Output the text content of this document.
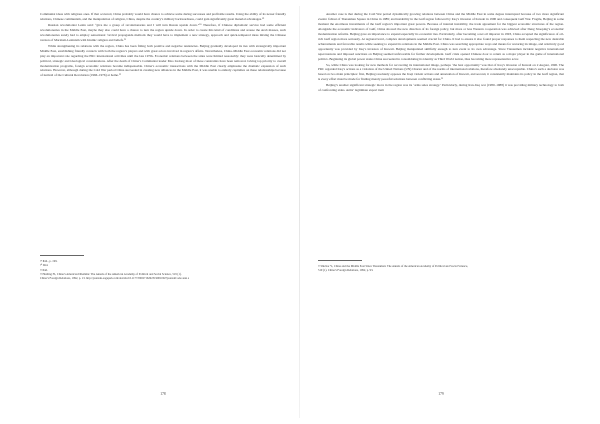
Communist ideas with religious ones. If that occurred, China probably would have chance to achieve some daring successes and profitable results. Using the ability of its newer friendly relations, Chinese communism, and the manipulation of religion, China, despite the country’s military backwardness, could gain significantly great material advantages.¹⁹

Russian revolutionist Lenin said: “give me a group of revolutionaries and I will turn Russia upside down.”²⁰ Therefore, if Chinese diplomatic service had some efficient revolutionaries in the Middle East, maybe they also could have a chance to turn the region upside down. In order to create this kind of conditions and arouse the Arab masses, such revolutionaries surely had to employ sensational ‘revival propaganda methods they would have to implement a new strategy, approach and quick-tempered ideas mixing the Chinese version of Marxism-Leninism with Islamic religion and beliefs.²¹

While strengthening its relations with the region, China has been fitting both positive and negative tendencies. Beijing gradually developed its ties with strategically important Middle East, establishing friendly contacts with both the region’s players and with great actors involved in region’s affairs. Nevertheless, China–Middle East economic relations did not play an important role regarding the PRC international activities until the late 1970s. Economic relations between the sides were limited reasonably: they were basically determined by political, strategic and ideological considerations. After the death of China’s Communist leader Mao Zedong most of these constraints have been removed. Giving top priority to overall modernization programs, foreign economic relations became indispensable. China’s economic transactions with the Middle East clearly emphasize the dramatic expansion of such relations. However, although during the Cold War period China succeeded in creating new alliances in the Middle East, it was unable to entirely capitalize on these relationships because of turmoil of the Cultural Revolution (1966–1976) at home.²²

¹⁹ Ibid., p. 199.

²⁰ Ibid.

²¹ Ibid.

²² Harding H., China’s American Dilemma: The Annals of the American Academy of Political and Social Science, 519 (1). China’s Foreign Relations, 1992, p. 13. http://journals.sagepub.com/doi/abs/10.1177/0002716292519001002?journalCode=ann a

178

Another case is that during the Cold War period dynamically growing relations between China and the Middle East in some degree interrupted because of two more significant events: fallout of Tiananmen Square in China in 1989; and instability in the Gulf region followed by Iraq’s invasion of Kuwait in 1990 and consequent Gulf War. Fragile, Beijing in some moment the enormous investments of the Gulf region’s important great powers. Because of internal instability, the trade agreement for the biggest economic structures of the region. Alongside the economic indicators of Gulf, China showed the new direction of its foreign policy, but more or less Western cooperation was achieved after Deng Xiaoping’s economic modernization reforms. Beijing gave an importance to expand especially its economic ties. Particularly, after becoming a net oil importer in 1993, China accepted the significance of oil-rich Gulf region more seriously. At regional level, complex developments seemed crucial for China. It had to ensure it also found proper responses to them respecting the new desirable achievements and favorable results while seeking to expand its relations in the Middle East. China was searching appropriate ways and means for restoring its image, and relatively good opportunity was provided by Iraq’s invasion of Kuwait. Beijing manipulated skillfully enough to turn event to its own advantage. Since Tiananmen incident negative international repercussions and imposed sanctions on Beijing seemed unfavorable for further development. Gulf crisis opened Chinese door to return as a major player in the game of international politics. Beginning its global power status China succeeded in consolidating its identity as Third World nation, thus becoming more representative actor.

So, while China was looking for new methods for recovering its international image, perhaps ‘the best opportunity’ was that of Iraq’s invasion of Kuwait on 2 August, 1990. The PRC regarded Iraq’s actions as a violation of the United Nations (UN) Charter and of the norms of international relations, therefore absolutely unacceptable. China’s such a decision was based on two main principles: first, Beijing resolutely opposes the Iraqi violent actions and annexation of Kuwait, and second, it consistently maintains its policy in the Gulf region, that is every effort must be made for finding merely peaceful solutions between conflicting states.²³

Beijing’s another significant strategic move in the region was its ‘arms sales strategy.’ Particularly, during Iran-Iraq war (1980–1988) it was providing military technology to both of confronting sides. Arms’ legitimate export item

²³ Shichor Y., China and the Middle East Since Tiananmen: The Annals of the American Academy of Political and Social Science, 519 (1). China’s Foreign Relations, 1992, p. 93.

179
